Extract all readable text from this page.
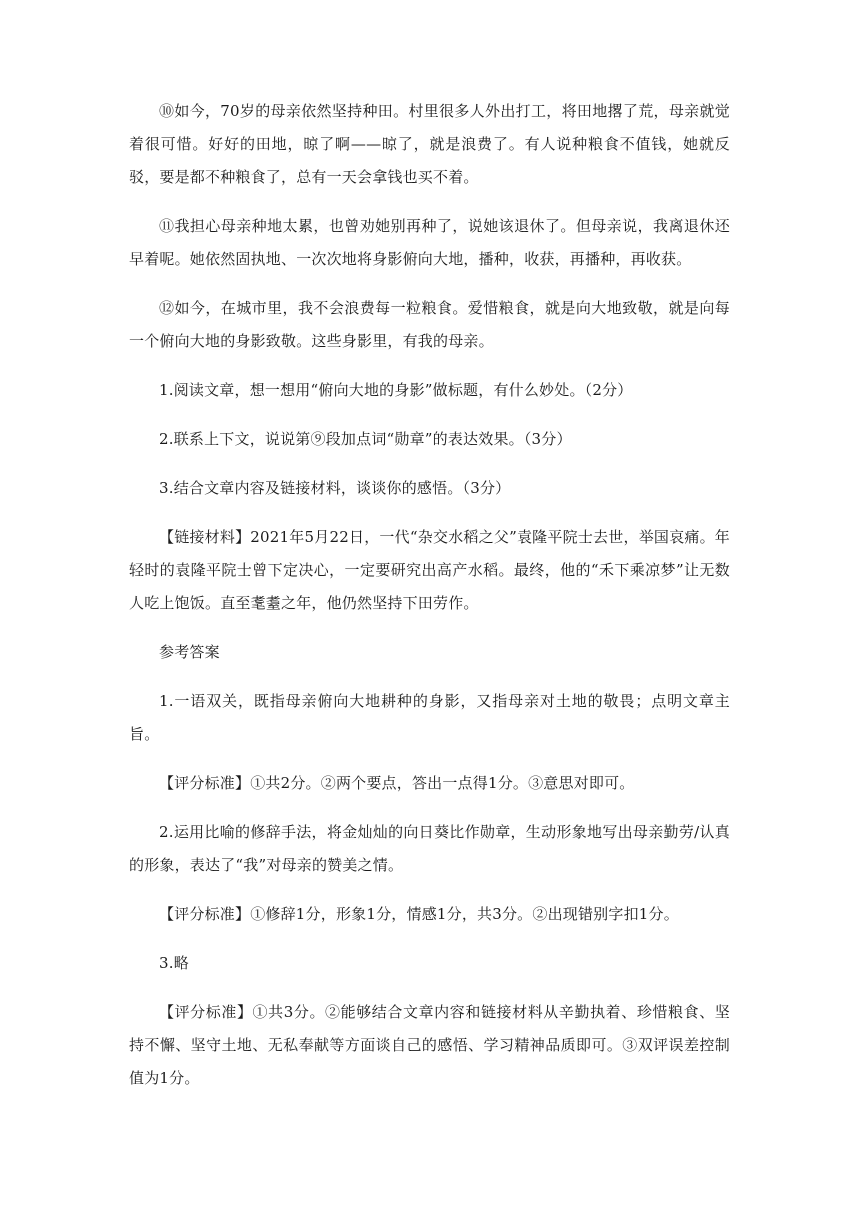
⑩如今，70岁的母亲依然坚持种田。村里很多人外出打工，将田地撂了荒，母亲就觉着很可惜。好好的田地，晾了啊——晾了，就是浪费了。有人说种粮食不值钱，她就反驳，要是都不种粮食了，总有一天会拿钱也买不着。

⑪我担心母亲种地太累，也曾劝她别再种了，说她该退休了。但母亲说，我离退休还早着呢。她依然固执地、一次次地将身影俯向大地，播种，收获，再播种，再收获。

⑫如今，在城市里，我不会浪费每一粒粮食。爱惜粮食，就是向大地致敬，就是向每一个俯向大地的身影致敬。这些身影里，有我的母亲。

1.阅读文章，想一想用“俯向大地的身影”做标题，有什么妙处。（2分）

2.联系上下文，说说第⑨段加点词“勋章”的表达效果。（3分）

3.结合文章内容及链接材料，谈谈你的感悟。（3分）

【链接材料】2021年5月22日，一代“杂交水稻之父”袁隆平院士去世，举国哀痛。年轻时的袁隆平院士曾下定决心，一定要研究出高产水稻。最终，他的“禾下乘凉梦”让无数人吃上饱饭。直至耄耋之年，他仍然坚持下田劳作。

参考答案

1.一语双关，既指母亲俯向大地耕种的身影，又指母亲对土地的敬畏；点明文章主旨。

【评分标准】①共2分。②两个要点，答出一点得1分。③意思对即可。

2.运用比喻的修辞手法，将金灿灿的向日葵比作勋章，生动形象地写出母亲勤劳/认真的形象，表达了“我”对母亲的赞美之情。

【评分标准】①修辞1分，形象1分，情感1分，共3分。②出现错别字扣1分。

3.略

【评分标准】①共3分。②能够结合文章内容和链接材料从辛勤执着、珍惜粮食、坚持不懈、坚守土地、无私奉献等方面谈自己的感悟、学习精神品质即可。③双评误差控制值为1分。
